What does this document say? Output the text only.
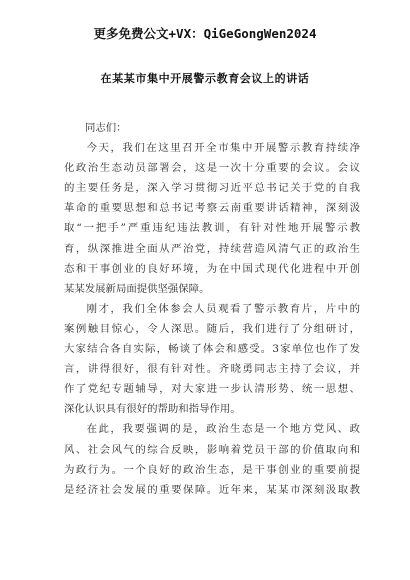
更多免费公文+VX：QiGeGongWen2024
在某某市集中开展警示教育会议上的讲话
同志们：
今天，我们在这里召开全市集中开展警示教育持续净
化政治生态动员部署会，这是一次十分重要的会议。会议
的主要任务是，深入学习贯彻习近平总书记关于党的自我
革命的重要思想和总书记考察云南重要讲话精神，深刻汲
取“一把手”严重违纪违法教训，有针对性地开展警示教
育，纵深推进全面从严治党，持续营造风清气正的政治生
态和干事创业的良好环境，为在中国式现代化进程中开创
某某发展新局面提供坚强保障。
刚才，我们全体参会人员观看了警示教育片，片中的
案例触目惊心，令人深思。随后，我们进行了分组研讨，
大家结合各自实际，畅谈了体会和感受。3家单位也作了发
言，讲得很好，很有针对性。齐晓勇同志主持了会议，并
作了党纪专题辅导，对大家进一步认清形势、统一思想、
深化认识具有很好的帮助和指导作用。
在此，我要强调的是，政治生态是一个地方党风、政
风、社会风气的综合反映，影响着党员干部的价值取向和
为政行为。一个良好的政治生态，是干事创业的重要前提
是经济社会发展的重要保障。近年来，某某市深刻汲取教
